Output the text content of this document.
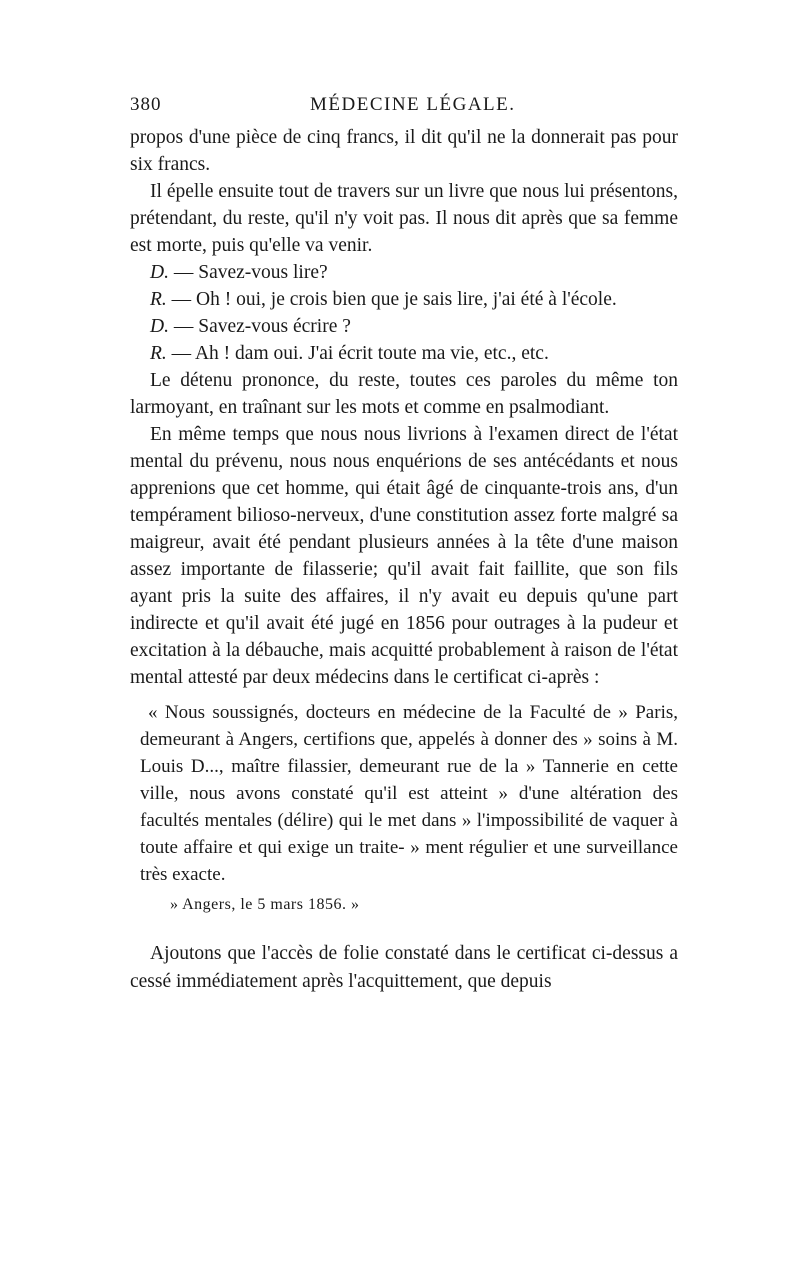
380	MÉDECINE LÉGALE.

propos d'une pièce de cinq francs, il dit qu'il ne la donnerait pas pour six francs.

Il épelle ensuite tout de travers sur un livre que nous lui présentons, prétendant, du reste, qu'il n'y voit pas. Il nous dit après que sa femme est morte, puis qu'elle va venir.

D. — Savez-vous lire?

R. — Oh ! oui, je crois bien que je sais lire, j'ai été à l'école.

D. — Savez-vous écrire ?

R. — Ah ! dam oui. J'ai écrit toute ma vie, etc., etc.

Le détenu prononce, du reste, toutes ces paroles du même ton larmoyant, en traînant sur les mots et comme en psalmodiant.

En même temps que nous nous livrions à l'examen direct de l'état mental du prévenu, nous nous enquérions de ses antécédants et nous apprenions que cet homme, qui était âgé de cinquante-trois ans, d'un tempérament bilioso-nerveux, d'une constitution assez forte malgré sa maigreur, avait été pendant plusieurs années à la tête d'une maison assez importante de filasserie; qu'il avait fait faillite, que son fils ayant pris la suite des affaires, il n'y avait eu depuis qu'une part indirecte et qu'il avait été jugé en 1856 pour outrages à la pudeur et excitation à la débauche, mais acquitté probablement à raison de l'état mental attesté par deux médecins dans le certificat ci-après :

« Nous soussignés, docteurs en médecine de la Faculté de » Paris, demeurant à Angers, certifions que, appelés à donner des » soins à M. Louis D..., maître filassier, demeurant rue de la » Tannerie en cette ville, nous avons constaté qu'il est atteint » d'une altération des facultés mentales (délire) qui le met dans » l'impossibilité de vaquer à toute affaire et qui exige un traite- » ment régulier et une surveillance très exacte.

» Angers, le 5 mars 1856. »

Ajoutons que l'accès de folie constaté dans le certificat ci-dessus a cessé immédiatement après l'acquittement, que depuis
